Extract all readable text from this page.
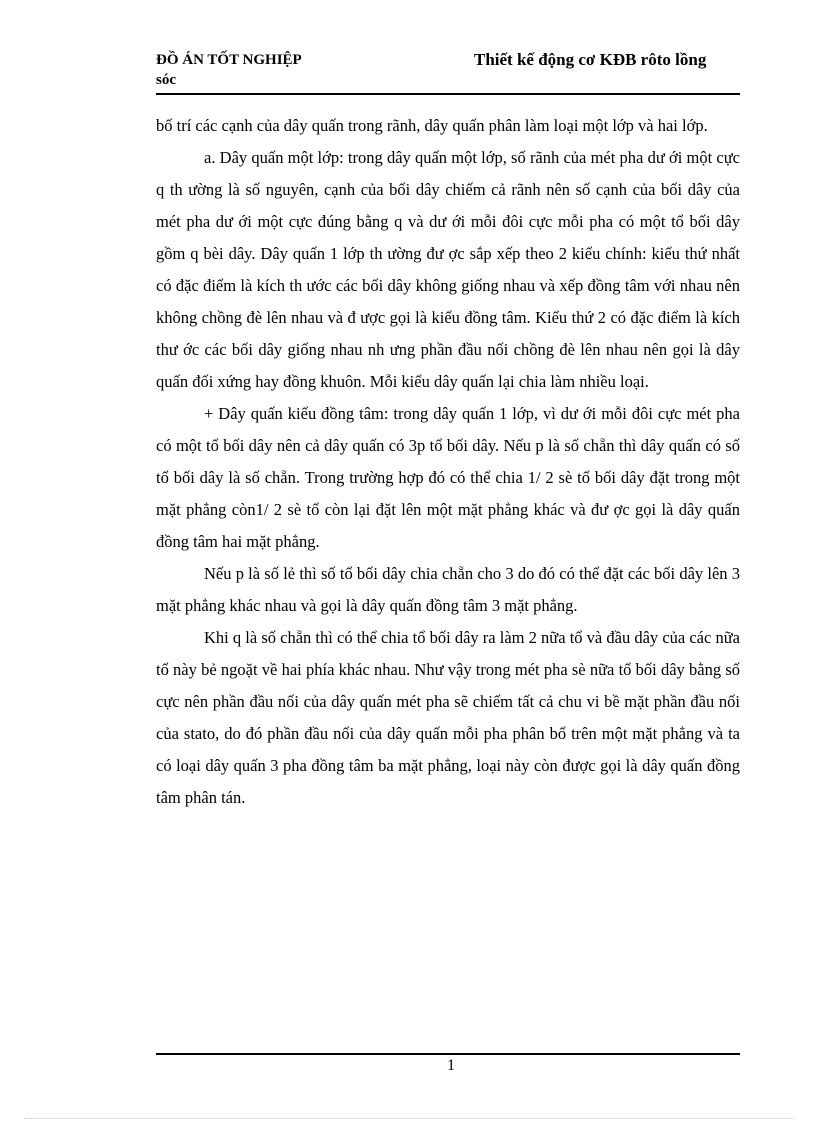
ĐỒ ÁN TỐT NGHIỆP
sóc
Thiết kế động cơ KĐB rôto lồng

bố trí các cạnh của dây quấn trong rãnh, dây quấn phân làm loại một lớp và hai lớp.

a. Dây quấn một lớp: trong dây quấn một lớp, số rãnh của mét pha dư ới một cực q th ường là số nguyên, cạnh của bối dây chiếm cả rãnh nên số cạnh của bối dây của mét pha dư ới một cực đúng bằng q và dư ới mỗi đôi cực mỗi pha có một tổ bối dây gồm q bèi dây. Dây quấn 1 lớp th ường đư ợc sắp xếp theo 2 kiểu chính: kiểu thứ nhất có đặc điểm là kích th ước các bối dây không giống nhau và xếp đồng tâm với nhau nên không chồng đè lên nhau và đ ược gọi là kiểu đồng tâm. Kiểu thứ 2 có đặc điểm là kích thư ớc các bối dây giống nhau nh ưng phần đầu nối chồng đè lên nhau nên gọi là dây quấn đối xứng hay đồng khuôn. Mỗi kiểu dây quấn lại chia làm nhiều loại.

+ Dây quấn kiểu đồng tâm: trong dây quấn 1 lớp, vì dư ới mỗi đôi cực mét pha có một tổ bối dây nên cả dây quấn có 3p tổ bối dây. Nếu p là số chẵn thì dây quấn có số tổ bối dây là số chẵn. Trong trường hợp đó có thể chia 1/ 2 sè tổ bối dây đặt trong một mặt phẳng còn1/ 2 sè tổ còn lại đặt lên một mặt phẳng khác và đư ợc gọi là dây quấn đồng tâm hai mặt phẳng.

Nếu p là số lẻ thì số tổ bối dây chia chẵn cho 3 do đó có thể đặt các bối dây lên 3 mặt phẳng khác nhau và gọi là dây quấn đồng tâm 3 mặt phẳng.

Khi q là số chẵn thì có thể chia tổ bối dây ra làm 2 nữa tổ và đầu dây của các nữa tổ này bẻ ngoặt về hai phía khác nhau. Như vậy trong mét pha sè nữa tổ bối dây bằng số cực nên phần đầu nối của dây quấn mét pha sẽ chiếm tất cả chu vi bề mặt phần đầu nối của stato, do đó phần đầu nối của dây quấn mỗi pha phân bổ trên một mặt phẳng và ta có loại dây quấn 3 pha đồng tâm ba mặt phẳng, loại này còn được gọi là dây quấn đồng tâm phân tán.

1
